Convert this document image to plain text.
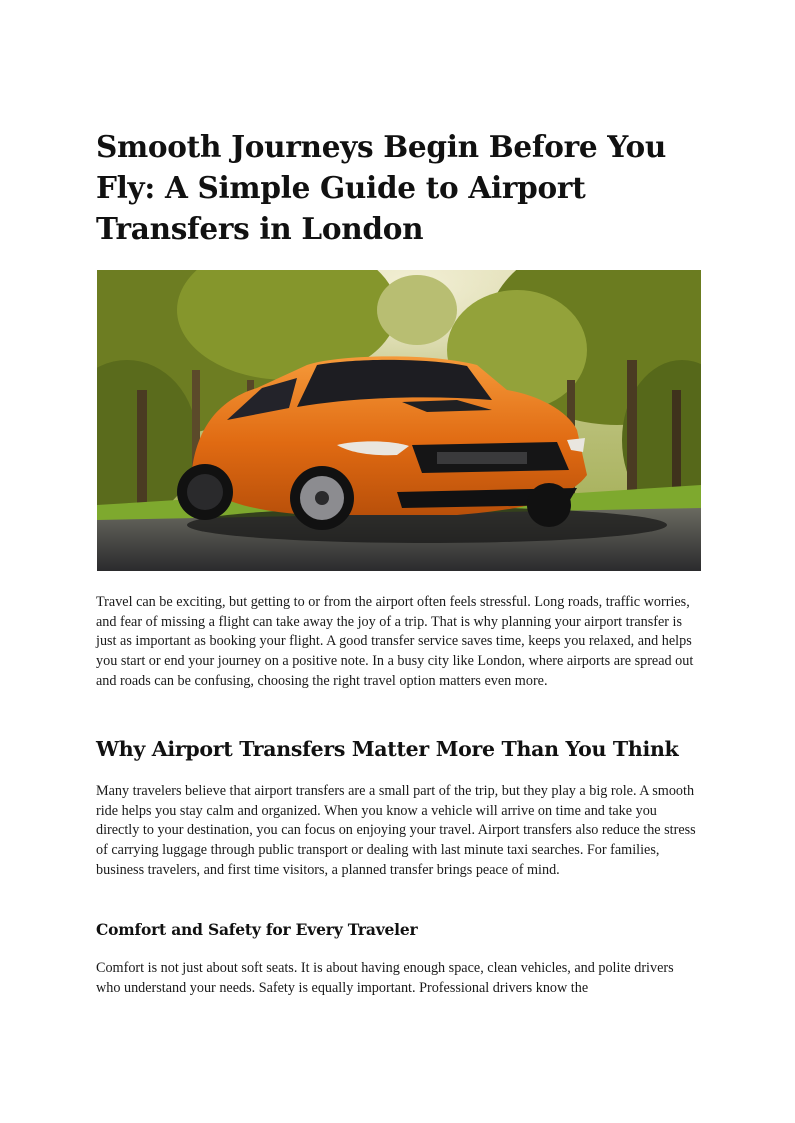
Smooth Journeys Begin Before You Fly: A Simple Guide to Airport Transfers in London

Travel can be exciting, but getting to or from the airport often feels stressful. Long roads, traffic worries, and fear of missing a flight can take away the joy of a trip. That is why planning your airport transfer is just as important as booking your flight. A good transfer service saves time, keeps you relaxed, and helps you start or end your journey on a positive note. In a busy city like London, where airports are spread out and roads can be confusing, choosing the right travel option matters even more.

Why Airport Transfers Matter More Than You Think

Many travelers believe that airport transfers are a small part of the trip, but they play a big role. A smooth ride helps you stay calm and organized. When you know a vehicle will arrive on time and take you directly to your destination, you can focus on enjoying your travel. Airport transfers also reduce the stress of carrying luggage through public transport or dealing with last minute taxi searches. For families, business travelers, and first time visitors, a planned transfer brings peace of mind.

Comfort and Safety for Every Traveler

Comfort is not just about soft seats. It is about having enough space, clean vehicles, and polite drivers who understand your needs. Safety is equally important. Professional drivers know the
